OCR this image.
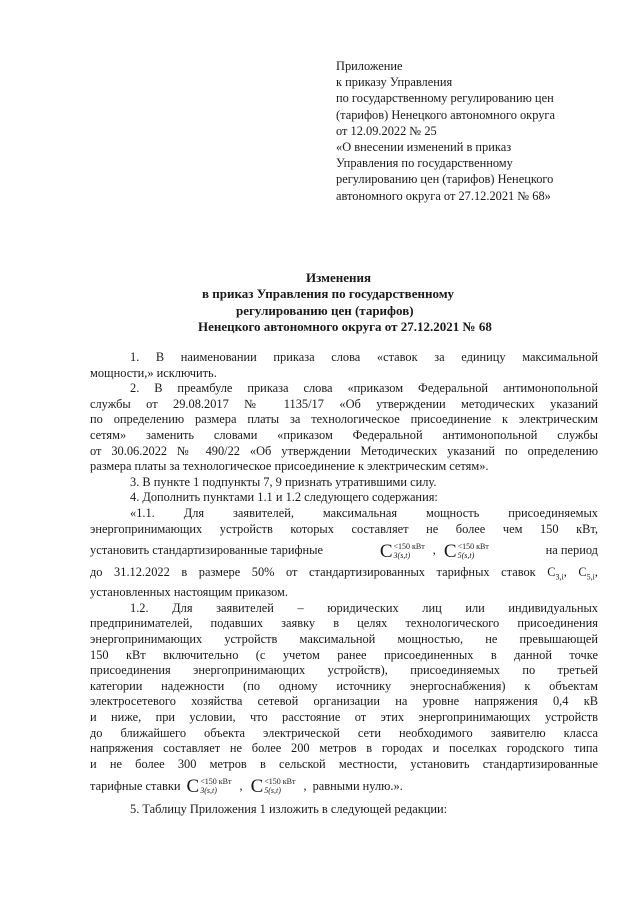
Приложение
к приказу Управления
по государственному регулированию цен
(тарифов) Ненецкого автономного округа
от 12.09.2022 № 25
«О внесении изменений в приказ
Управления по государственному
регулированию цен (тарифов) Ненецкого
автономного округа от 27.12.2021 № 68»
Изменения
в приказ Управления по государственному
регулированию цен (тарифов)
Ненецкого автономного округа от 27.12.2021 № 68
1. В наименовании приказа слова «ставок за единицу максимальной
мощности,» исключить.
2. В преамбуле приказа слова «приказом Федеральной антимонопольной
службы от 29.08.2017 № 1135/17 «Об утверждении методических указаний
по определению размера платы за технологическое присоединение к электрическим
сетям» заменить словами «приказом Федеральной антимонопольной службы
от 30.06.2022 № 490/22 «Об утверждении Методических указаний по определению
размера платы за технологическое присоединение к электрическим сетям».
3. В пункте 1 подпункты 7, 9 признать утратившими силу.
4. Дополнить пунктами 1.1 и 1.2 следующего содержания:
«1.1. Для заявителей, максимальная мощность присоединяемых
энергопринимающих устройств которых составляет не более чем 150 кВт,
установить стандартизированные тарифные	C <150 кВт
3(s,t)	, C <150 кВт
5(s,t)	на период
до 31.12.2022 в размере 50% от стандартизированных тарифных ставок $С_{3,i}$, $С_{5,i}$,
установленных настоящим приказом.
1.2. Для заявителей – юридических лиц или индивидуальных
предпринимателей, подавших заявку в целях технологического присоединения
энергопринимающих устройств максимальной мощностью, не превышающей
150 кВт включительно (с учетом ранее присоединенных в данной точке
присоединения энергопринимающих устройств), присоединяемых по третьей
категории надежности (по одному источнику энергоснабжения) к объектам
электросетевого хозяйства сетевой организации на уровне напряжения 0,4 кВ
и ниже, при условии, что расстояние от этих энергопринимающих устройств
до ближайшего объекта электрической сети необходимого заявителю класса
напряжения составляет не более 200 метров в городах и поселках городского типа
и не более 300 метров в сельской местности, установить стандартизированные
тарифные ставки C <150 кВт
3(s,t)	, C <150 кВт
5(s,t)	, равными нулю.».
5. Таблицу Приложения 1 изложить в следующей редакции:
